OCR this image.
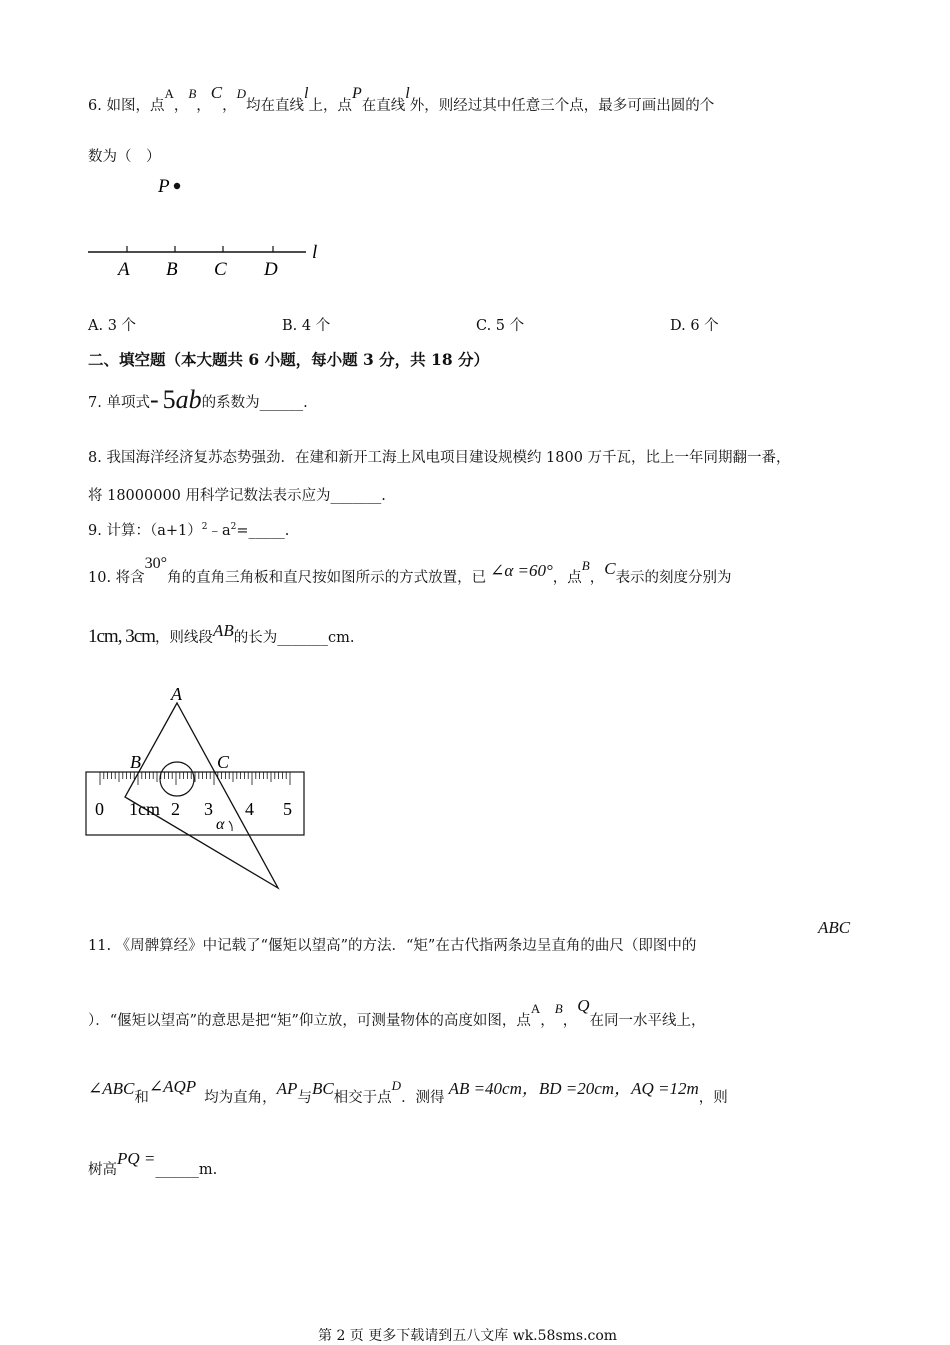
6. 如图，点A，B，C，D均在直线l上，点P在直线l外，则经过其中任意三个点，最多可画出圆的个
数为（　）
P
l
A B C D
A. 3 个	B. 4 个	C. 5 个	D. 6 个
二、填空题（本大题共 6 小题，每小题 3 分，共 18 分）
7. 单项式- 5ab的系数为______.
8. 我国海洋经济复苏态势强劲．在建和新开工海上风电项目建设规模约 1800 万千瓦，比上一年同期翻一番，
将 18000000 用科学记数法表示应为_______.
9. 计算：$(a+1)^2﹣a^2=\_\_\_\_\_$.
10. 将含30°角的直角三角板和直尺按如图所示的方式放置，已 ∠α =60°，点B，C表示的刻度分别为
1cm, 3cm，则线段AB的长为_______cm.
A
B	C
α
0 1cm 2 3 4 5
11. 《周髀算经》中记载了“偃矩以望高”的方法．“矩”在古代指两条边呈直角的曲尺（即图中的
ABC
）．“偃矩以望高”的意思是把“矩”仰立放，可测量物体的高度如图，点A，B，Q在同一水平线上，
∠ABC和∠AQP均为直角，AP与BC相交于点D．测得 AB =40cm，BD =20cm，AQ =12m，则
树高PQ =______m.
第 2 页 更多下载请到五八文库 wk.58sms.com
